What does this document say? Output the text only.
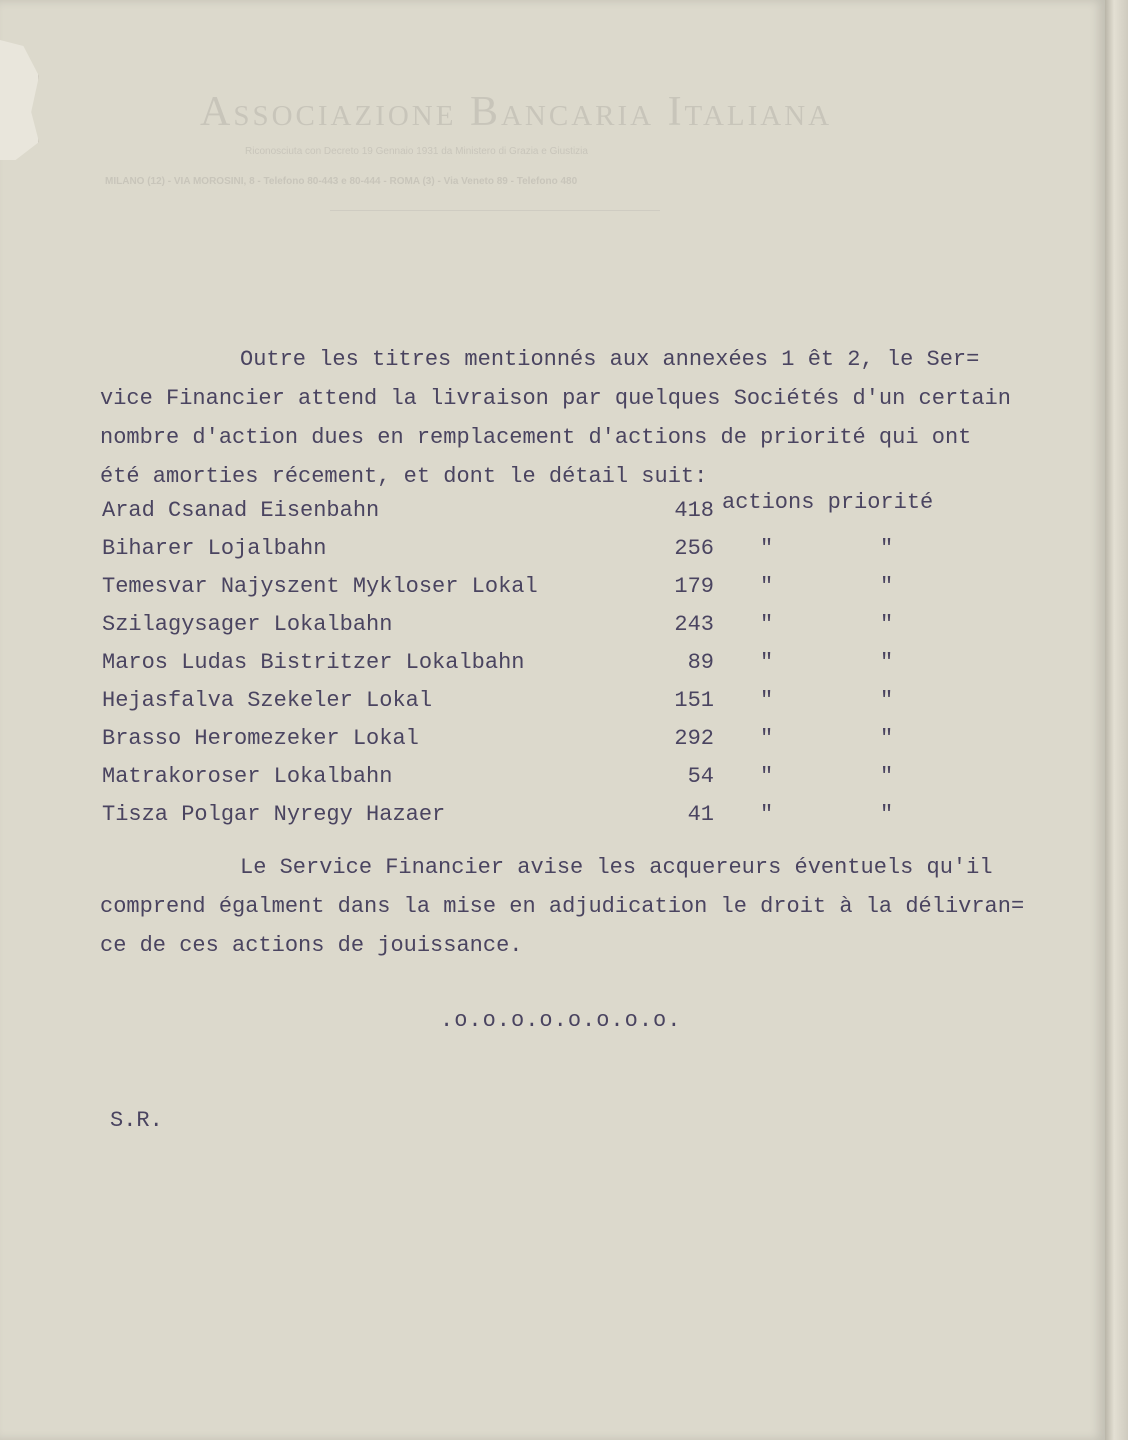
Associazione Bancaria Italiana
Riconosciuta con Decreto 19 Gennaio 1931 da Ministero di Grazia e Giustizia
MILANO (12) - VIA MOROSINI, 8 - Telefono 80-443 e 80-444 - ROMA (3) - Via Veneto 89 - Telefono 480

Outre les titres mentionnés aux annexées 1 êt 2, le Ser=
vice Financier attend la livraison par quelques Sociétés d'un certain
nombre d'action dues en remplacement d'actions de priorité qui ont
été amorties récement, et dont le détail suit:

Arad Csanad Eisenbahn	418 actions priorité
Biharer Lojalbahn	256 "	"
Temesvar Najyszent Mykloser Lokal	179 "	"
Szilagysager Lokalbahn	243 "	"
Maros Ludas Bistritzer Lokalbahn	89 "	"
Hejasfalva Szekeler Lokal	151 "	"
Brasso Heromezeker Lokal	292 "	"
Matrakoroser Lokalbahn	54 "	"
Tisza Polgar Nyregy Hazaer	41 "	"

Le Service Financier avise les acquereurs éventuels qu'il
comprend égalment dans la mise en adjudication le droit à la délivran=
ce de ces actions de jouissance.

.o.o.o.o.o.o.o.o.
S.R.
